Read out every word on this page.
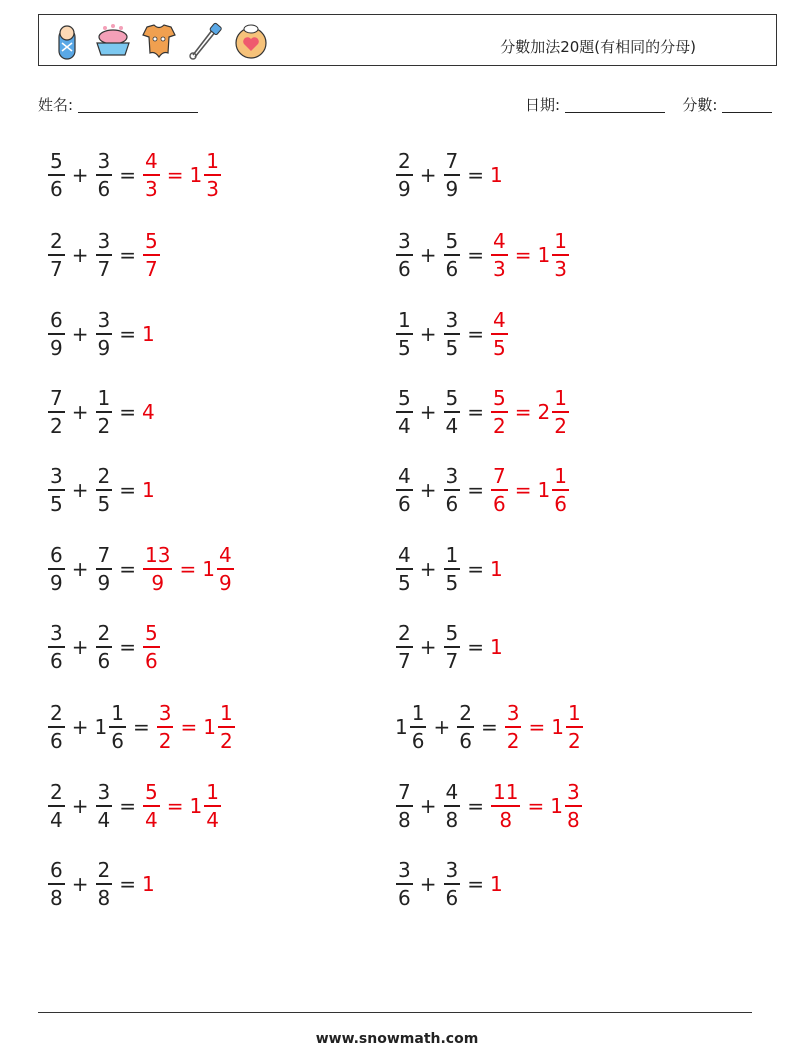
分數加法20題(有相同的分母)
姓名:	日期:	分數:
$\frac{5}{6} + \frac{3}{6} = \frac{4}{3} = 1 \frac{1}{3}$	$\frac{2}{9} + \frac{7}{9} = 1$
$\frac{2}{7} + \frac{3}{7} = \frac{5}{7}$	$\frac{3}{6} + \frac{5}{6} = \frac{4}{3} = 1 \frac{1}{3}$
$\frac{6}{9} + \frac{3}{9} = 1$	$\frac{1}{5} + \frac{3}{5} = \frac{4}{5}$
$\frac{7}{2} + \frac{1}{2} = 4$	$\frac{5}{4} + \frac{5}{4} = \frac{5}{2} = 2 \frac{1}{2}$
$\frac{3}{5} + \frac{2}{5} = 1$	$\frac{4}{6} + \frac{3}{6} = \frac{7}{6} = 1 \frac{1}{6}$
$\frac{6}{9} + \frac{7}{9} = \frac{13}{9} = 1 \frac{4}{9}$	$\frac{4}{5} + \frac{1}{5} = 1$
$\frac{3}{6} + \frac{2}{6} = \frac{5}{6}$	$\frac{2}{7} + \frac{5}{7} = 1$
$\frac{2}{6} + 1 \frac{1}{6} = \frac{3}{2} = 1 \frac{1}{2}$	$1 \frac{1}{6} + \frac{2}{6} = \frac{3}{2} = 1 \frac{1}{2}$
$\frac{2}{4} + \frac{3}{4} = \frac{5}{4} = 1 \frac{1}{4}$	$\frac{7}{8} + \frac{4}{8} = \frac{11}{8} = 1 \frac{3}{8}$
$\frac{6}{8} + \frac{2}{8} = 1$	$\frac{3}{6} + \frac{3}{6} = 1$
www.snowmath.com
